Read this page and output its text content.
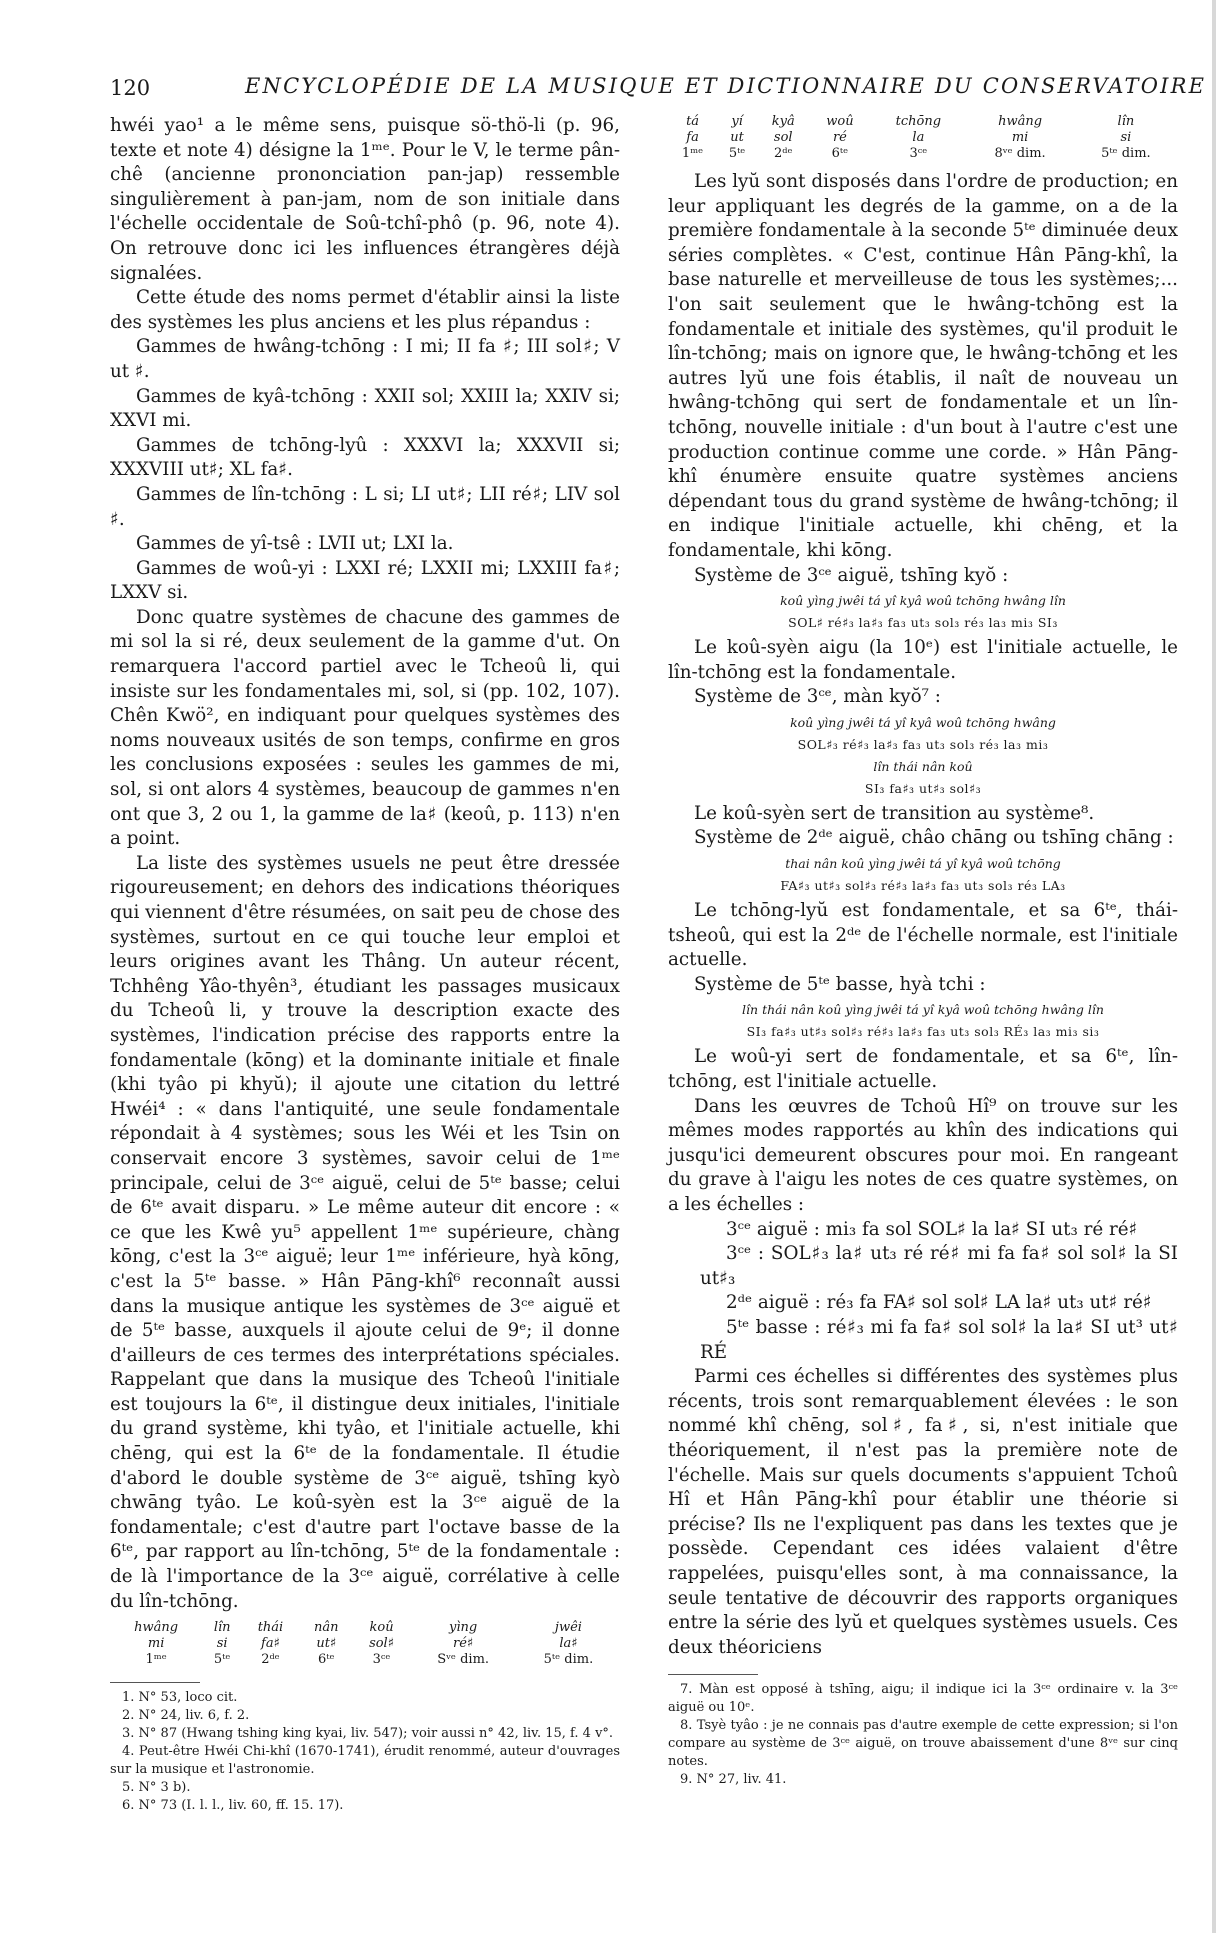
120	ENCYCLOPÉDIE DE LA MUSIQUE ET DICTIONNAIRE DU CONSERVATOIRE

hwéi yao¹ a le même sens, puisque sö-thö-li (p. 96, texte et note 4) désigne la 1ᵐᵉ. Pour le V, le terme pân-chê (ancienne prononciation pan-jap) ressemble singulièrement à pan-jam, nom de son initiale dans l'échelle occidentale de Soû-tchî-phô (p. 96, note 4). On retrouve donc ici les influences étrangères déjà signalées.

Cette étude des noms permet d'établir ainsi la liste des systèmes les plus anciens et les plus répandus :

Gammes de hwâng-tchōng : I mi; II fa ♯; III sol♯; V ut ♯.

Gammes de kyâ-tchōng : XXII sol; XXIII la; XXIV si; XXVI mi.

Gammes de tchōng-lyû : XXXVI la; XXXVII si; XXXVIII ut♯; XL fa♯.

Gammes de lîn-tchōng : L si; LI ut♯; LII ré♯; LIV sol ♯.

Gammes de yî-tsê : LVII ut; LXI la.

Gammes de woû-yi : LXXI ré; LXXII mi; LXXIII fa♯; LXXV si.

Donc quatre systèmes de chacune des gammes de mi sol la si ré, deux seulement de la gamme d'ut. On remarquera l'accord partiel avec le Tcheoû li, qui insiste sur les fondamentales mi, sol, si (pp. 102, 107). Chên Kwö², en indiquant pour quelques systèmes des noms nouveaux usités de son temps, confirme en gros les conclusions exposées : seules les gammes de mi, sol, si ont alors 4 systèmes, beaucoup de gammes n'en ont que 3, 2 ou 1, la gamme de la♯ (keoû, p. 113) n'en a point.

La liste des systèmes usuels ne peut être dressée rigoureusement; en dehors des indications théoriques qui viennent d'être résumées, on sait peu de chose des systèmes, surtout en ce qui touche leur emploi et leurs origines avant les Thâng. Un auteur récent, Tchhêng Yâo-thyên³, étudiant les passages musicaux du Tcheoû li, y trouve la description exacte des systèmes, l'indication précise des rapports entre la fondamentale (kōng) et la dominante initiale et finale (khi tyâo pi khyŭ); il ajoute une citation du lettré Hwéi⁴ : « dans l'antiquité, une seule fondamentale répondait à 4 systèmes; sous les Wéi et les Tsin on conservait encore 3 systèmes, savoir celui de 1ᵐᵉ principale, celui de 3ᶜᵉ aiguë, celui de 5ᵗᵉ basse; celui de 6ᵗᵉ avait disparu. » Le même auteur dit encore : « ce que les Kwê yu⁵ appellent 1ᵐᵉ supérieure, chàng kōng, c'est la 3ᶜᵉ aiguë; leur 1ᵐᵉ inférieure, hyà kōng, c'est la 5ᵗᵉ basse. » Hân Pāng-khî⁶ reconnaît aussi dans la musique antique les systèmes de 3ᶜᵉ aiguë et de 5ᵗᵉ basse, auxquels il ajoute celui de 9ᵉ; il donne d'ailleurs de ces termes des interprétations spéciales. Rappelant que dans la musique des Tcheoû l'initiale est toujours la 6ᵗᵉ, il distingue deux initiales, l'initiale du grand système, khi tyâo, et l'initiale actuelle, khi chēng, qui est la 6ᵗᵉ de la fondamentale. Il étudie d'abord le double système de 3ᶜᵉ aiguë, tshīng kyò chwāng tyâo. Le koû-syèn est la 3ᶜᵉ aiguë de la fondamentale; c'est d'autre part l'octave basse de la 6ᵗᵉ, par rapport au lîn-tchōng, 5ᵗᵉ de la fondamentale : de là l'importance de la 3ᶜᵉ aiguë, corrélative à celle du lîn-tchōng.

hwâng	lîn	thái	nân	koû	yìng	jwêi
mi	si	fa♯	ut♯	sol♯	ré♯	la♯
1ᵐᵉ	5ᵗᵉ	2ᵈᵉ	6ᵗᵉ	3ᶜᵉ	Sᵛᵉ dim.	5ᵗᵉ dim.

1. N° 53, loco cit.

2. N° 24, liv. 6, f. 2.

3. N° 87 (Hwang tshing king kyai, liv. 547); voir aussi n° 42, liv. 15, f. 4 v°.

4. Peut-être Hwéi Chi-khî (1670-1741), érudit renommé, auteur d'ouvrages sur la musique et l'astronomie.

5. N° 3 b).

6. N° 73 (I. l. l., liv. 60, ff. 15. 17).

tá	yí	kyâ	woû	tchōng	hwâng	lîn
fa	ut	sol	ré	la	mi	si
1ᵐᵉ	5ᵗᵉ	2ᵈᵉ	6ᵗᵉ	3ᶜᵉ	8ᵛᵉ dim.	5ᵗᵉ dim.

Les lyŭ sont disposés dans l'ordre de production; en leur appliquant les degrés de la gamme, on a de la première fondamentale à la seconde 5ᵗᵉ diminuée deux séries complètes. « C'est, continue Hân Pāng-khî, la base naturelle et merveilleuse de tous les systèmes;... l'on sait seulement que le hwâng-tchōng est la fondamentale et initiale des systèmes, qu'il produit le lîn-tchōng; mais on ignore que, le hwâng-tchōng et les autres lyŭ une fois établis, il naît de nouveau un hwâng-tchōng qui sert de fondamentale et un lîn-tchōng, nouvelle initiale : d'un bout à l'autre c'est une production continue comme une corde. » Hân Pāng-khî énumère ensuite quatre systèmes anciens dépendant tous du grand système de hwâng-tchōng; il en indique l'initiale actuelle, khi chēng, et la fondamentale, khi kōng.

Système de 3ᶜᵉ aiguë, tshīng kyŏ :

koû yìng jwêi tá yî kyâ woû tchōng hwâng lîn
SOL♯ ré♯₃ la♯₃ fa₃ ut₃ sol₃ ré₃ la₃ mi₃ SI₃

Le koû-syèn aigu (la 10ᵉ) est l'initiale actuelle, le lîn-tchōng est la fondamentale.

Système de 3ᶜᵉ, màn kyŏ⁷ :

koû yìng jwêi tá yî kyâ woû tchōng hwâng
SOL♯₃ ré♯₃ la♯₃ fa₃ ut₃ sol₃ ré₃ la₃ mi₃
lîn thái nân koû
SI₃ fa♯₃ ut♯₃ sol♯₃

Le koû-syèn sert de transition au système⁸.

Système de 2ᵈᵉ aiguë, châo chāng ou tshīng chāng :

thai nân koû yìng jwêi tá yî kyâ woû tchōng
FA♯₃ ut♯₃ sol♯₃ ré♯₃ la♯₃ fa₃ ut₃ sol₃ ré₃ LA₃

Le tchōng-lyŭ est fondamentale, et sa 6ᵗᵉ, thái-tsheoû, qui est la 2ᵈᵉ de l'échelle normale, est l'initiale actuelle.

Système de 5ᵗᵉ basse, hyà tchi :

lîn thái nân koû yìng jwêi tá yî kyâ woû tchōng hwâng lîn
SI₃ fa♯₃ ut♯₃ sol♯₃ ré♯₃ la♯₃ fa₃ ut₃ sol₃ RÉ₃ la₃ mi₃ si₃

Le woû-yi sert de fondamentale, et sa 6ᵗᵉ, lîn-tchōng, est l'initiale actuelle.

Dans les œuvres de Tchoû Hî⁹ on trouve sur les mêmes modes rapportés au khîn des indications qui jusqu'ici demeurent obscures pour moi. En rangeant du grave à l'aigu les notes de ces quatre systèmes, on a les échelles :

3ᶜᵉ aiguë : mi₃ fa sol SOL♯ la la♯ SI ut₃ ré ré♯

3ᶜᵉ : SOL♯₃ la♯ ut₃ ré ré♯ mi fa fa♯ sol sol♯ la SI ut♯₃

2ᵈᵉ aiguë : ré₃ fa FA♯ sol sol♯ LA la♯ ut₃ ut♯ ré♯

5ᵗᵉ basse : ré♯₃ mi fa fa♯ sol sol♯ la la♯ SI ut³ ut♯ RÉ

Parmi ces échelles si différentes des systèmes plus récents, trois sont remarquablement élevées : le son nommé khî chēng, sol♯, fa♯, si, n'est initiale que théoriquement, il n'est pas la première note de l'échelle. Mais sur quels documents s'appuient Tchoû Hî et Hân Pāng-khî pour établir une théorie si précise? Ils ne l'expliquent pas dans les textes que je possède. Cependant ces idées valaient d'être rappelées, puisqu'elles sont, à ma connaissance, la seule tentative de découvrir des rapports organiques entre la série des lyŭ et quelques systèmes usuels. Ces deux théoriciens

7. Màn est opposé à tshīng, aigu; il indique ici la 3ᶜᵉ ordinaire v. la 3ᶜᵉ aiguë ou 10ᵉ.

8. Tsyè tyâo : je ne connais pas d'autre exemple de cette expression; si l'on compare au système de 3ᶜᵉ aiguë, on trouve abaissement d'une 8ᵛᵉ sur cinq notes.

9. N° 27, liv. 41.
